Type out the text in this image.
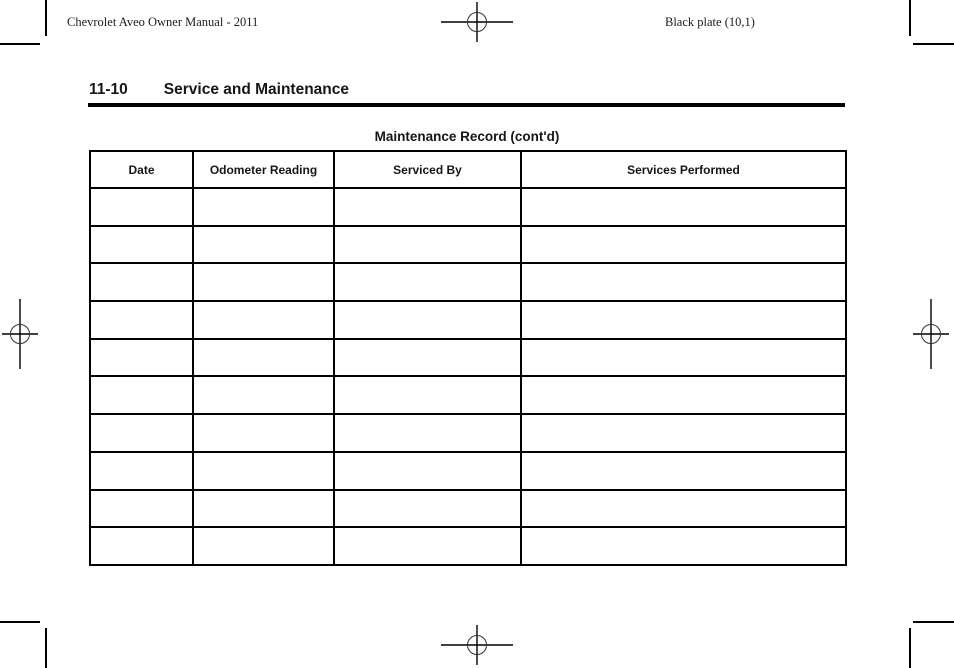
Chevrolet Aveo Owner Manual - 2011	Black plate (10,1)
11-10 Service and Maintenance
Maintenance Record (cont'd)
Date	Odometer Reading	Serviced By	Services Performed
